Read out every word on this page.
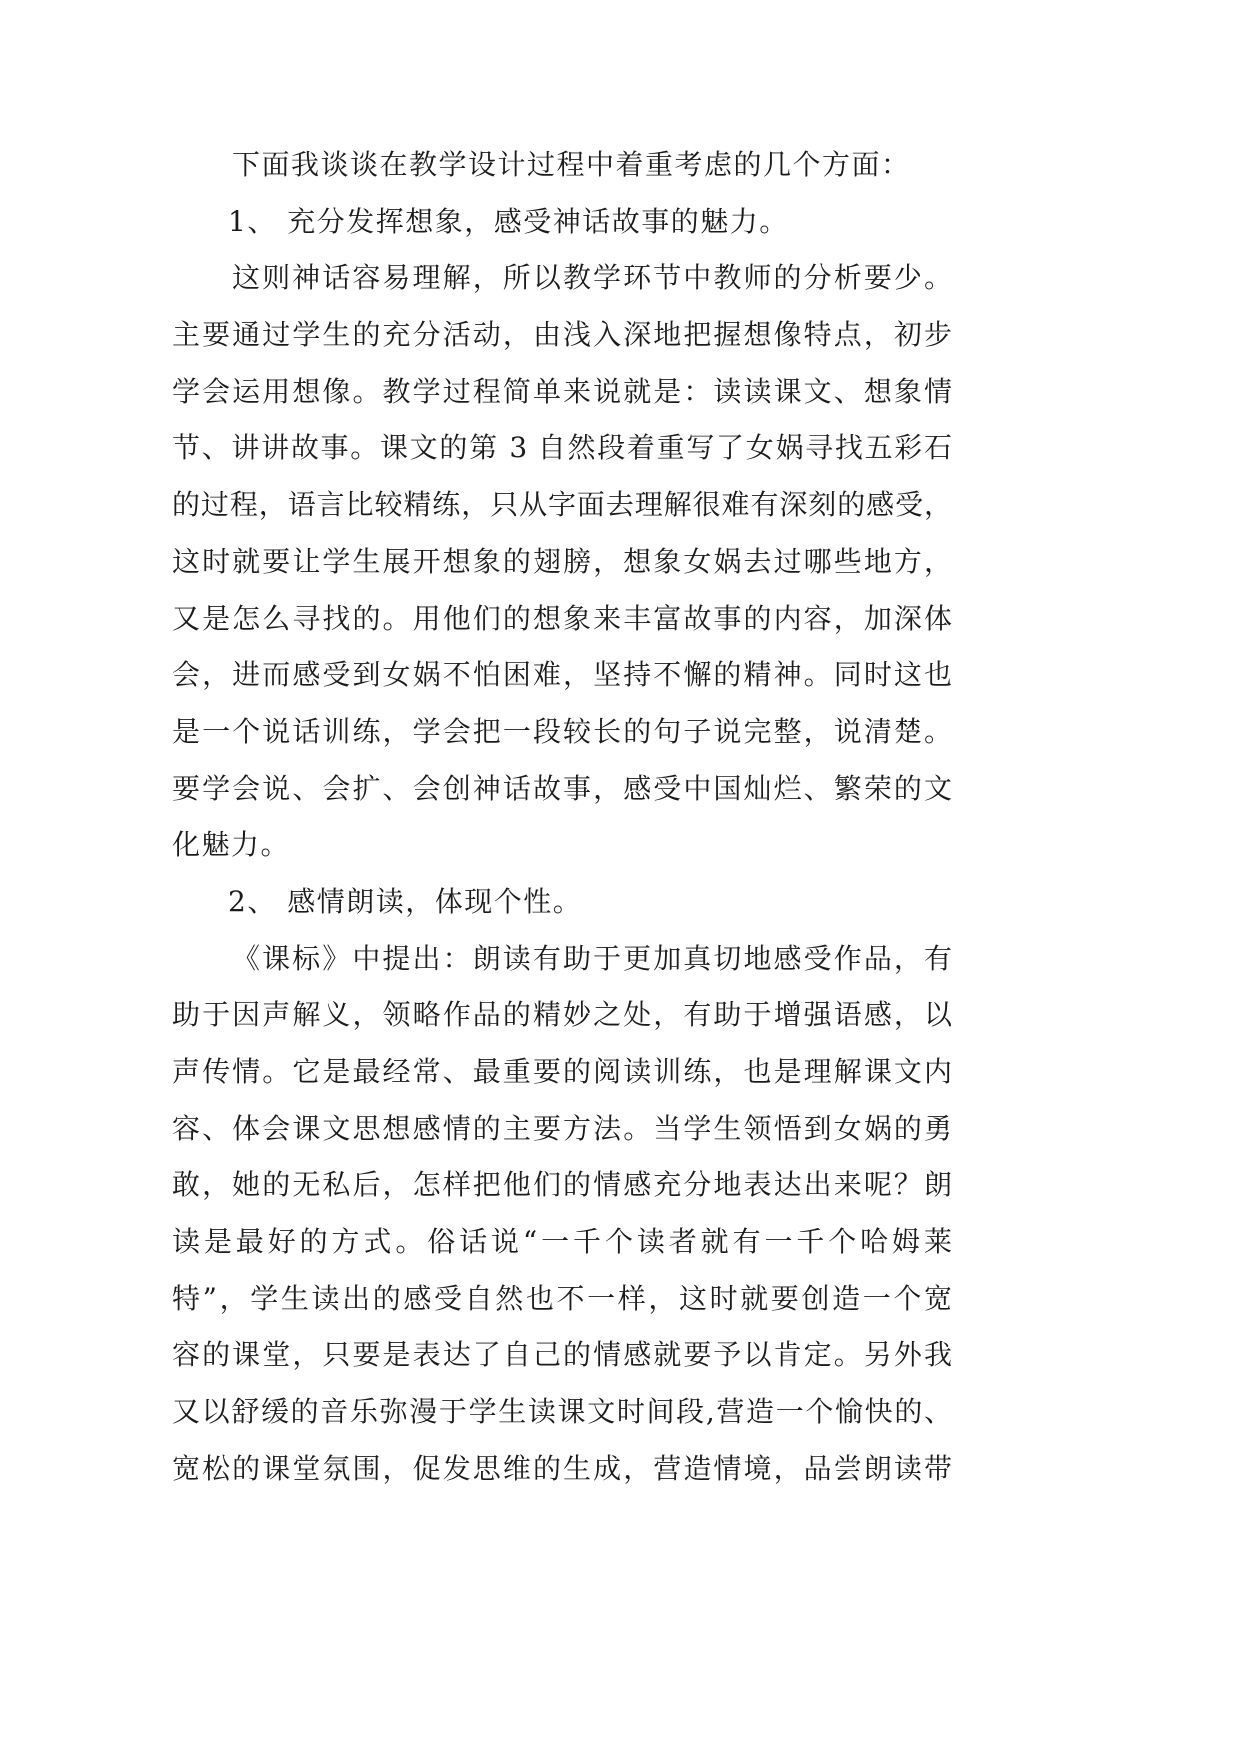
下面我谈谈在教学设计过程中着重考虑的几个方面：
1、 充分发挥想象，感受神话故事的魅力。
这则神话容易理解，所以教学环节中教师的分析要少。
主要通过学生的充分活动，由浅入深地把握想像特点，初步
学会运用想像。教学过程简单来说就是：读读课文、想象情
节、讲讲故事。课文的第 3 自然段着重写了女娲寻找五彩石
的过程，语言比较精练，只从字面去理解很难有深刻的感受，
这时就要让学生展开想象的翅膀，想象女娲去过哪些地方，
又是怎么寻找的。用他们的想象来丰富故事的内容，加深体
会，进而感受到女娲不怕困难，坚持不懈的精神。同时这也
是一个说话训练，学会把一段较长的句子说完整，说清楚。
要学会说、会扩、会创神话故事，感受中国灿烂、繁荣的文
化魅力。
2、 感情朗读，体现个性。
《课标》中提出：朗读有助于更加真切地感受作品，有
助于因声解义，领略作品的精妙之处，有助于增强语感，以
声传情。它是最经常、最重要的阅读训练，也是理解课文内
容、体会课文思想感情的主要方法。当学生领悟到女娲的勇
敢，她的无私后，怎样把他们的情感充分地表达出来呢？朗
读是最好的方式。俗话说“一千个读者就有一千个哈姆莱
特”，学生读出的感受自然也不一样，这时就要创造一个宽
容的课堂，只要是表达了自己的情感就要予以肯定。另外我
又以舒缓的音乐弥漫于学生读课文时间段,营造一个愉快的、
宽松的课堂氛围，促发思维的生成，营造情境，品尝朗读带
